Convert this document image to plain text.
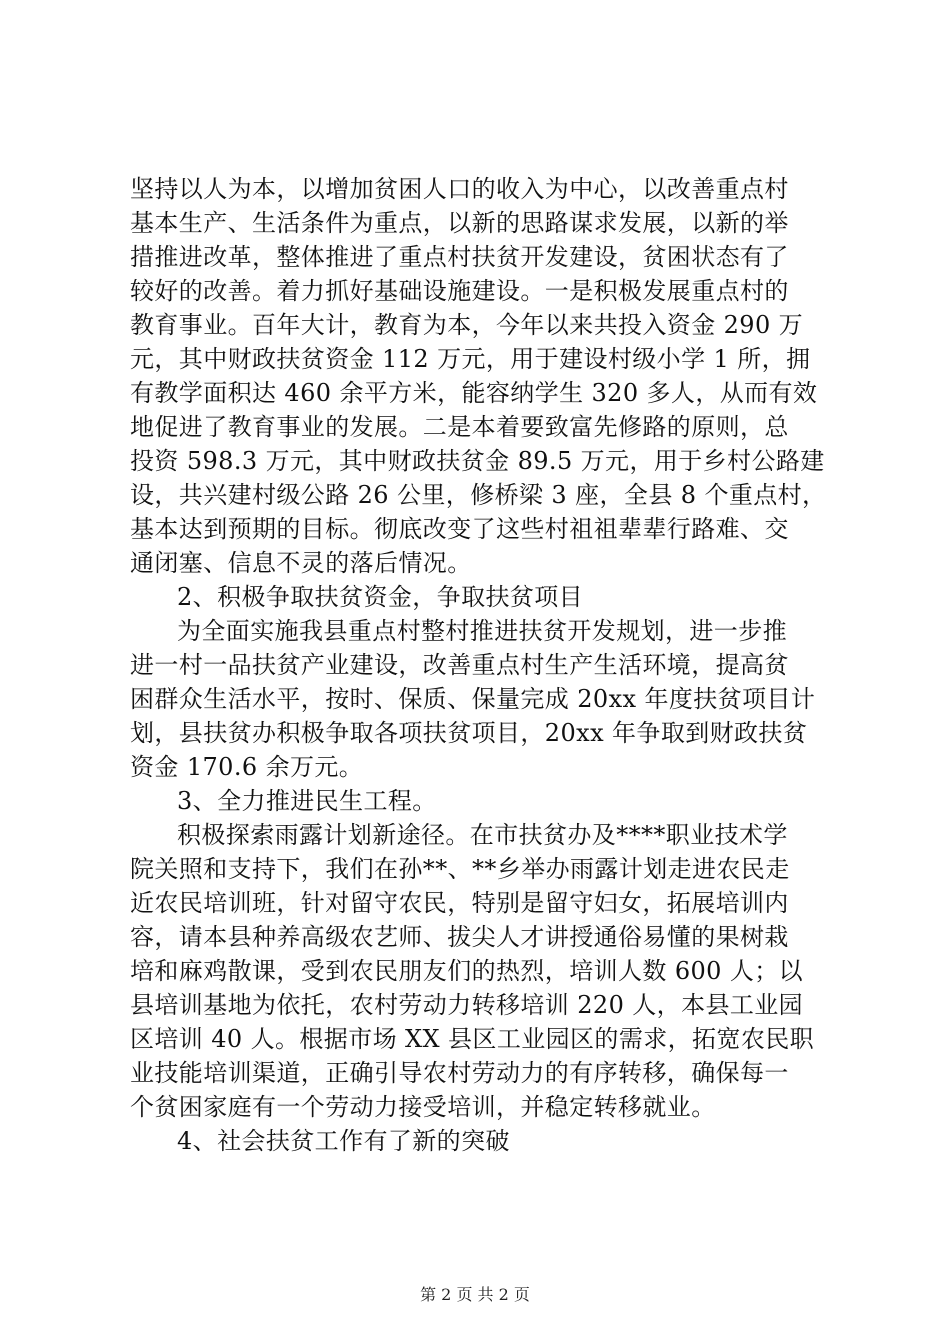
坚持以人为本，以增加贫困人口的收入为中心，以改善重点村
基本生产、生活条件为重点，以新的思路谋求发展，以新的举
措推进改革，整体推进了重点村扶贫开发建设，贫困状态有了
较好的改善。着力抓好基础设施建设。一是积极发展重点村的
教育事业。百年大计，教育为本，今年以来共投入资金 290 万
元，其中财政扶贫资金 112 万元，用于建设村级小学 1 所，拥
有教学面积达 460 余平方米，能容纳学生 320 多人，从而有效
地促进了教育事业的发展。二是本着要致富先修路的原则，总
投资 598.3 万元，其中财政扶贫金 89.5 万元，用于乡村公路建
设，共兴建村级公路 26 公里，修桥梁 3 座，全县 8 个重点村，
基本达到预期的目标。彻底改变了这些村祖祖辈辈行路难、交
通闭塞、信息不灵的落后情况。
2、积极争取扶贫资金，争取扶贫项目
为全面实施我县重点村整村推进扶贫开发规划，进一步推
进一村一品扶贫产业建设，改善重点村生产生活环境，提高贫
困群众生活水平，按时、保质、保量完成 20xx 年度扶贫项目计
划，县扶贫办积极争取各项扶贫项目，20xx 年争取到财政扶贫
资金 170.6 余万元。
3、全力推进民生工程。
积极探索雨露计划新途径。在市扶贫办及****职业技术学
院关照和支持下，我们在孙**、**乡举办雨露计划走进农民走
近农民培训班，针对留守农民，特别是留守妇女，拓展培训内
容，请本县种养高级农艺师、拔尖人才讲授通俗易懂的果树栽
培和麻鸡散课，受到农民朋友们的热烈，培训人数 600 人；以
县培训基地为依托，农村劳动力转移培训 220 人，本县工业园
区培训 40 人。根据市场 XX 县区工业园区的需求，拓宽农民职
业技能培训渠道，正确引导农村劳动力的有序转移，确保每一
个贫困家庭有一个劳动力接受培训，并稳定转移就业。
4、社会扶贫工作有了新的突破
第 2 页 共 2 页
